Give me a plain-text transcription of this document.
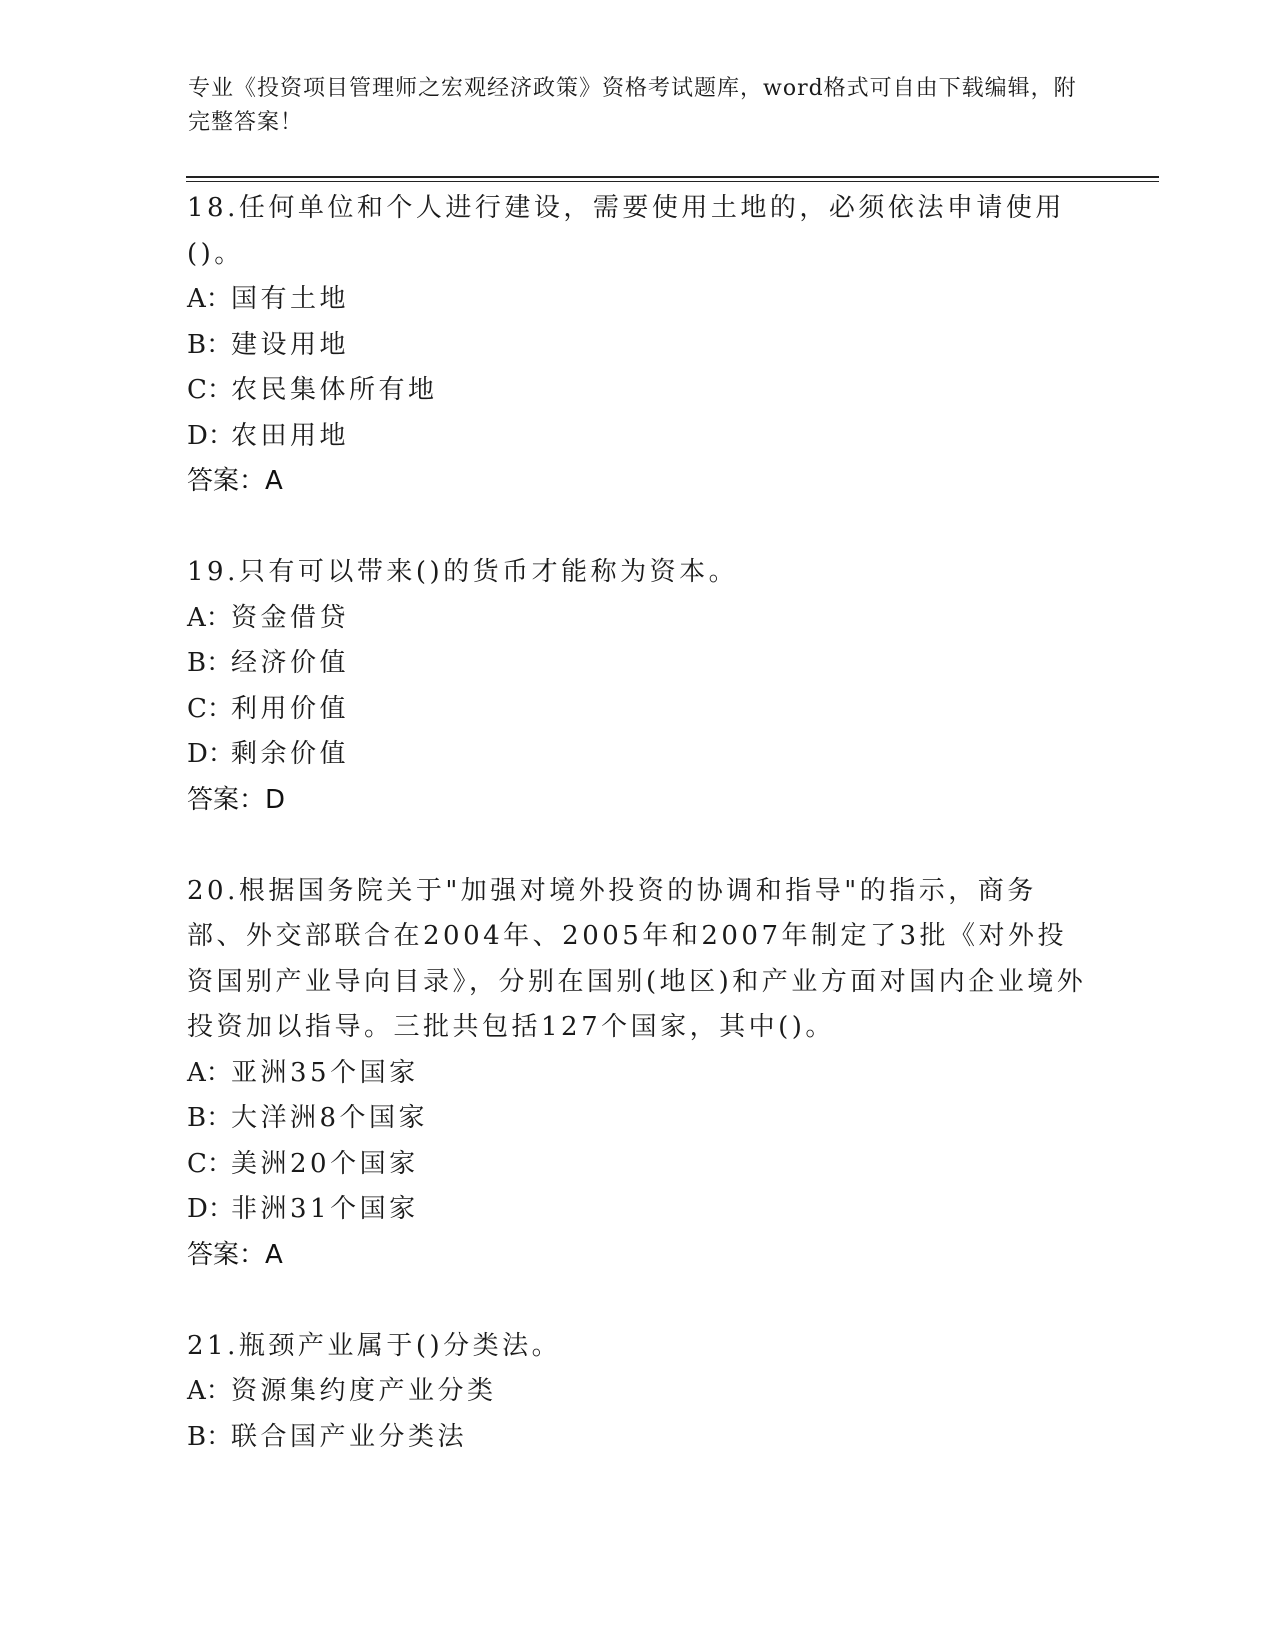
专业《投资项目管理师之宏观经济政策》资格考试题库，word格式可自由下载编辑，附完整答案！

18.任何单位和个人进行建设，需要使用土地的，必须依法申请使用()。

A：国有土地

B：建设用地

C：农民集体所有地

D：农田用地

答案：A

19.只有可以带来()的货币才能称为资本。

A：资金借贷

B：经济价值

C：利用价值

D：剩余价值

答案：D

20.根据国务院关于"加强对境外投资的协调和指导"的指示，商务部、外交部联合在2004年、2005年和2007年制定了3批《对外投资国别产业导向目录》，分别在国别(地区)和产业方面对国内企业境外投资加以指导。三批共包括127个国家，其中()。

A：亚洲35个国家

B：大洋洲8个国家

C：美洲20个国家

D：非洲31个国家

答案：A

21.瓶颈产业属于()分类法。

A：资源集约度产业分类

B：联合国产业分类法
